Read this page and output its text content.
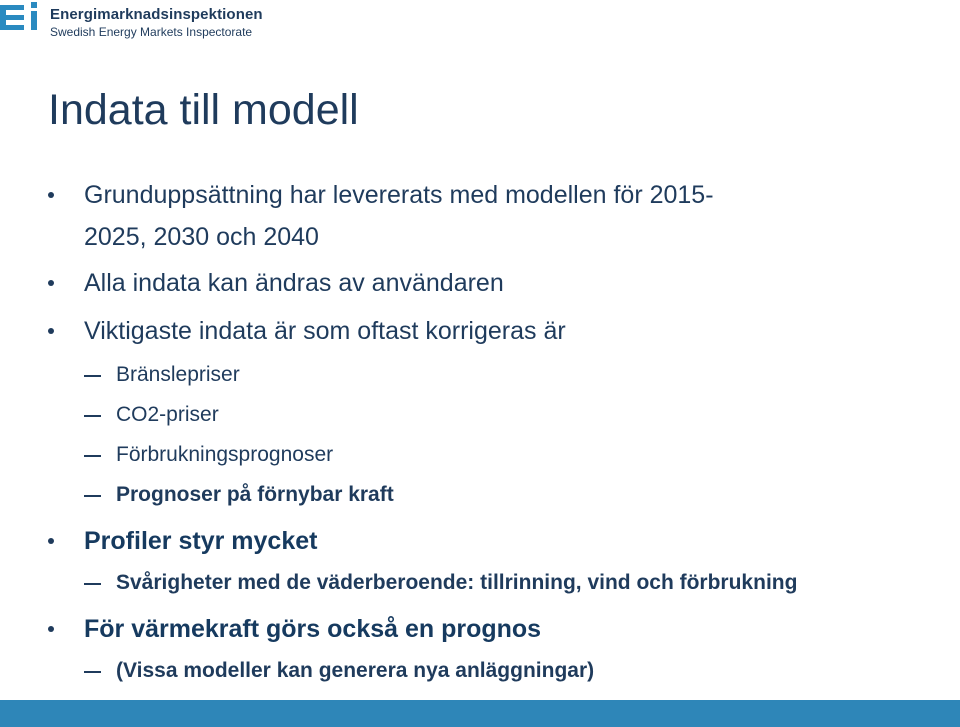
Energimarknadsinspektionen
Swedish Energy Markets Inspectorate
Indata till modell
Grunduppsättning har levererats med modellen för 2015-
2025, 2030 och 2040
Alla indata kan ändras av användaren
Viktigaste indata är som oftast korrigeras är
Bränslepriser
CO2-priser
Förbrukningsprognoser
Prognoser på förnybar kraft
Profiler styr mycket
Svårigheter med de väderberoende: tillrinning, vind och förbrukning
För värmekraft görs också en prognos
(Vissa modeller kan generera nya anläggningar)
